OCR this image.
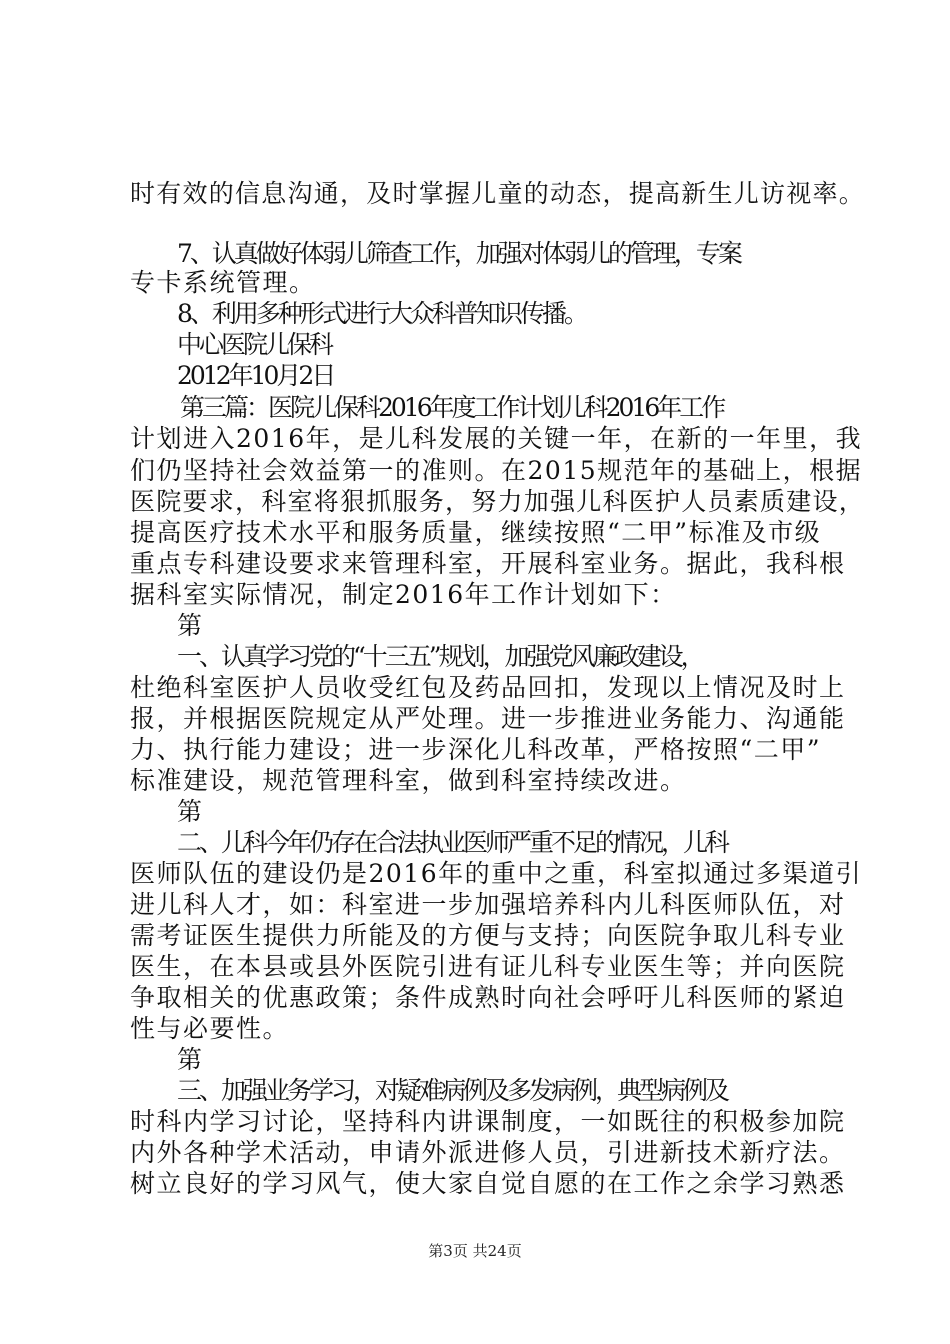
时有效的信息沟通，及时掌握儿童的动态，提高新生儿访视率。
7、认真做好体弱儿筛查工作，加强对体弱儿的管理，专案
专卡系统管理。
8、利用多种形式进行大众科普知识传播。
中心医院儿保科
2012年10月2日
第三篇：医院儿保科2016年度工作计划儿科2016年工作
计划进入2016年，是儿科发展的关键一年，在新的一年里，我
们仍坚持社会效益第一的准则。在2015规范年的基础上，根据
医院要求，科室将狠抓服务，努力加强儿科医护人员素质建设，
提高医疗技术水平和服务质量，继续按照“二甲”标准及市级
重点专科建设要求来管理科室，开展科室业务。据此，我科根
据科室实际情况，制定2016年工作计划如下：
第
一、认真学习党的“十三五”规划，加强党风廉政建设，
杜绝科室医护人员收受红包及药品回扣，发现以上情况及时上
报，并根据医院规定从严处理。进一步推进业务能力、沟通能
力、执行能力建设；进一步深化儿科改革，严格按照“二甲”
标准建设，规范管理科室，做到科室持续改进。
第
二、儿科今年仍存在合法执业医师严重不足的情况，儿科
医师队伍的建设仍是2016年的重中之重，科室拟通过多渠道引
进儿科人才，如：科室进一步加强培养科内儿科医师队伍，对
需考证医生提供力所能及的方便与支持；向医院争取儿科专业
医生，在本县或县外医院引进有证儿科专业医生等；并向医院
争取相关的优惠政策；条件成熟时向社会呼吁儿科医师的紧迫
性与必要性。
第
三、加强业务学习，对疑难病例及多发病例，典型病例及
时科内学习讨论，坚持科内讲课制度，一如既往的积极参加院
内外各种学术活动，申请外派进修人员，引进新技术新疗法。
树立良好的学习风气，使大家自觉自愿的在工作之余学习熟悉
第3页 共24页
